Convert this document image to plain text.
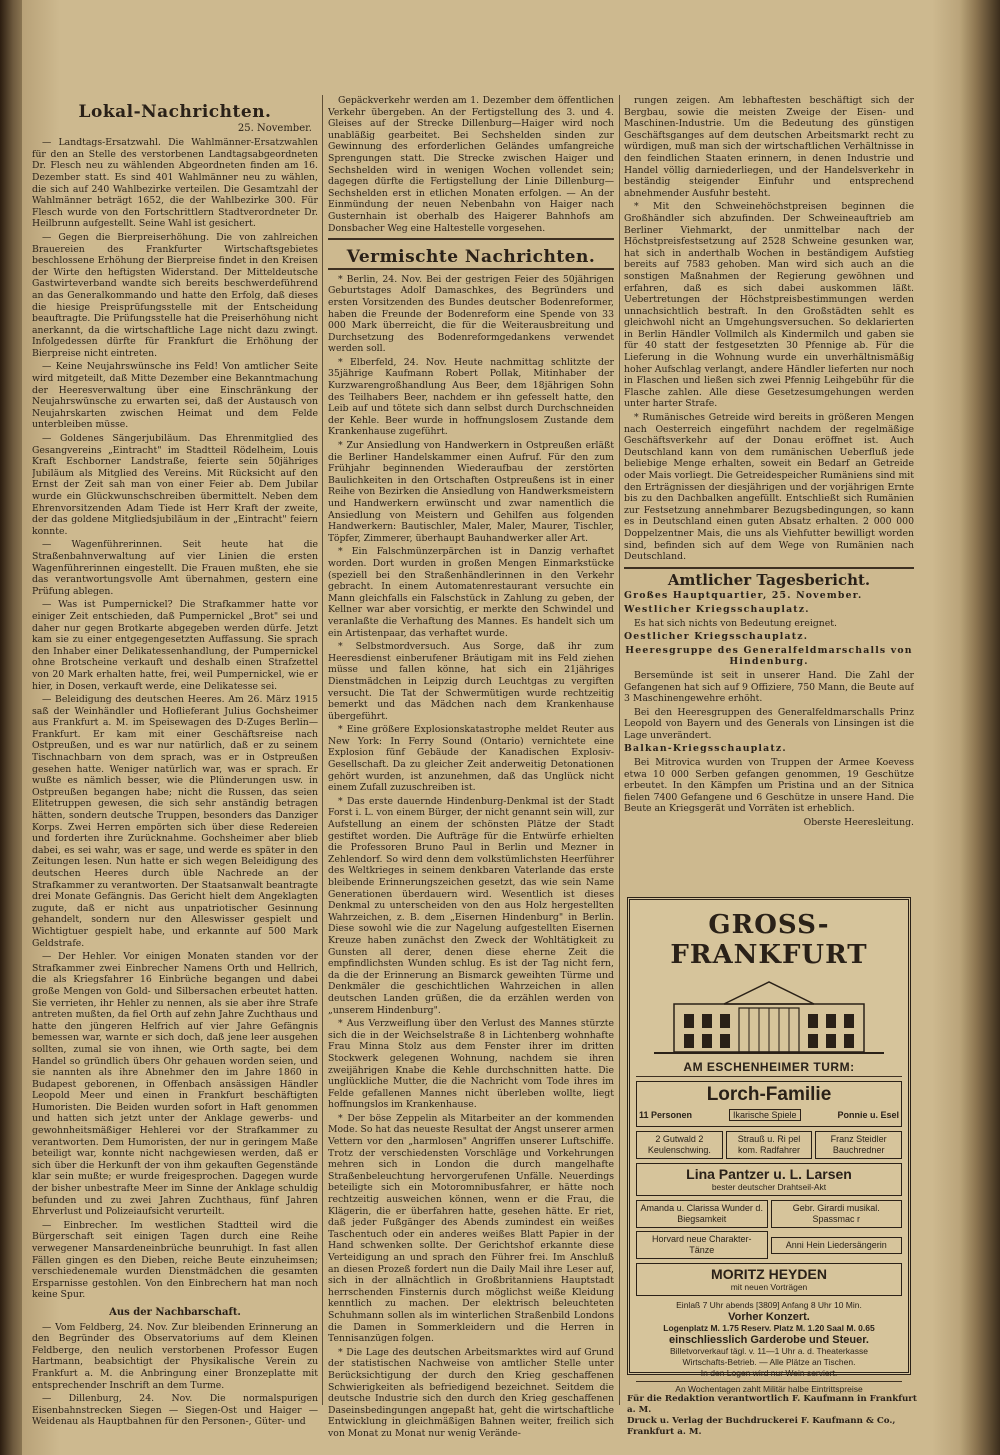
Lokal-Nachrichten.
25. November.

— Landtags-Ersatzwahl. Die Wahlmänner-Ersatzwahlen für den an Stelle des verstorbenen Landtagsabgeordneten Dr. Flesch neu zu wählenden Abgeordneten finden am 16. Dezember statt. Es sind 401 Wahlmänner neu zu wählen, die sich auf 240 Wahlbezirke verteilen. Die Gesamtzahl der Wahlmänner beträgt 1652, die der Wahlbezirke 300. Für Flesch wurde von den Fortschrittlern Stadtverordneter Dr. Heilbrunn aufgestellt. Seine Wahl ist gesichert.

— Gegen die Bierpreiserhöhung. Die von zahlreichen Brauereien des Frankfurter Wirtschaftsgebietes beschlossene Erhöhung der Bierpreise findet in den Kreisen der Wirte den heftigsten Widerstand. Der Mitteldeutsche Gastwirteverband wandte sich bereits beschwerdeführend an das Generalkommando und hatte den Erfolg, daß dieses die hiesige Preisprüfungsstelle mit der Entscheidung beauftragte. Die Prüfungsstelle hat die Preiserhöhung nicht anerkannt, da die wirtschaftliche Lage nicht dazu zwingt. Infolgedessen dürfte für Frankfurt die Erhöhung der Bierpreise nicht eintreten.

— Keine Neujahrswünsche ins Feld! Von amtlicher Seite wird mitgeteilt, daß Mitte Dezember eine Bekanntmachung der Heeresverwaltung über eine Einschränkung der Neujahrswünsche zu erwarten sei, daß der Austausch von Neujahrskarten zwischen Heimat und dem Felde unterbleiben müsse.

— Goldenes Sängerjubiläum. Das Ehrenmitglied des Gesangvereins „Eintracht" im Stadtteil Rödelheim, Louis Kraft Eschborner Landstraße, feierte sein 50jähriges Jubiläum als Mitglied des Vereins. Mit Rücksicht auf den Ernst der Zeit sah man von einer Feier ab. Dem Jubilar wurde ein Glückwunschschreiben übermittelt. Neben dem Ehrenvorsitzenden Adam Tiede ist Herr Kraft der zweite, der das goldene Mitgliedsjubiläum in der „Eintracht" feiern konnte.

— Wagenführerinnen. Seit heute hat die Straßenbahnverwaltung auf vier Linien die ersten Wagenführerinnen eingestellt. Die Frauen mußten, ehe sie das verantwortungsvolle Amt übernahmen, gestern eine Prüfung ablegen.

— Was ist Pumpernickel? Die Strafkammer hatte vor einiger Zeit entschieden, daß Pumpernickel „Brot" sei und daher nur gegen Brotkarte abgegeben werden dürfe. Jetzt kam sie zu einer entgegengesetzten Auffassung. Sie sprach den Inhaber einer Delikatessenhandlung, der Pumpernickel ohne Brotscheine verkauft und deshalb einen Strafzettel von 20 Mark erhalten hatte, frei, weil Pumpernickel, wie er hier, in Dosen, verkauft werde, eine Delikatesse sei.

— Beleidigung des deutschen Heeres. Am 26. März 1915 saß der Weinhändler und Hoflieferant Julius Gochsheimer aus Frankfurt a. M. im Speisewagen des D-Zuges Berlin—Frankfurt. Er kam mit einer Geschäftsreise nach Ostpreußen, und es war nur natürlich, daß er zu seinem Tischnachbarn von dem sprach, was er in Ostpreußen gesehen hatte. Weniger natürlich war, was er sprach. Er wußte es nämlich besser, wie die Plünderungen usw. in Ostpreußen begangen habe; nicht die Russen, das seien Elitetruppen gewesen, die sich sehr anständig betragen hätten, sondern deutsche Truppen, besonders das Danziger Korps. Zwei Herren empörten sich über diese Redereien und forderten ihre Zurücknahme. Gochsheimer aber blieb dabei, es sei wahr, was er sage, und werde es später in den Zeitungen lesen. Nun hatte er sich wegen Beleidigung des deutschen Heeres durch üble Nachrede an der Strafkammer zu verantworten. Der Staatsanwalt beantragte drei Monate Gefängnis. Das Gericht hielt dem Angeklagten zugute, daß er nicht aus unpatriotischer Gesinnung gehandelt, sondern nur den Alleswisser gespielt und Wichtigtuer gespielt habe, und erkannte auf 500 Mark Geldstrafe.

— Der Hehler. Vor einigen Monaten standen vor der Strafkammer zwei Einbrecher Namens Orth und Hellrich, die als Kriegsfahrer 16 Einbrüche begangen und dabei große Mengen von Gold- und Silbersachen erbeutet hatten. Sie verrieten, ihr Hehler zu nennen, als sie aber ihre Strafe antreten mußten, da fiel Orth auf zehn Jahre Zuchthaus und hatte den jüngeren Helfrich auf vier Jahre Gefängnis bemessen war, warnte er sich doch, daß jene leer ausgehen sollten, zumal sie von ihnen, wie Orth sagte, bei dem Handel so gründlich übers Ohr gehauen worden seien, und sie nannten als ihre Abnehmer den im Jahre 1860 in Budapest geborenen, in Offenbach ansässigen Händler Leopold Meer und einen in Frankfurt beschäftigten Humoristen. Die Beiden wurden sofort in Haft genommen und hatten sich jetzt unter der Anklage gewerbs- und gewohnheitsmäßiger Hehlerei vor der Strafkammer zu verantworten. Dem Humoristen, der nur in geringem Maße beteiligt war, konnte nicht nachgewiesen werden, daß er sich über die Herkunft der von ihm gekauften Gegenstände klar sein mußte; er wurde freigesprochen. Dagegen wurde der bisher unbestrafte Meer im Sinne der Anklage schuldig befunden und zu zwei Jahren Zuchthaus, fünf Jahren Ehrverlust und Polizeiaufsicht verurteilt.

— Einbrecher. Im westlichen Stadtteil wird die Bürgerschaft seit einigen Tagen durch eine Reihe verwegener Mansardeneinbrüche beunruhigt. In fast allen Fällen gingen es den Dieben, reiche Beute einzuheimsen; verschiedenemale wurden Dienstmädchen die gesamten Ersparnisse gestohlen. Von den Einbrechern hat man noch keine Spur.

Aus der Nachbarschaft.

— Vom Feldberg, 24. Nov. Zur bleibenden Erinnerung an den Begründer des Observatoriums auf dem Kleinen Feldberge, den neulich verstorbenen Professor Eugen Hartmann, beabsichtigt der Physikalische Verein zu Frankfurt a. M. die Anbringung einer Bronzeplatte mit entsprechender Inschrift an dem Turme.

— Dillenburg, 24. Nov. Die normalspurigen Eisenbahnstrecken Siegen — Siegen-Ost und Haiger — Weidenau als Hauptbahnen für den Personen-, Güter- und

Gepäckverkehr werden am 1. Dezember dem öffentlichen Verkehr übergeben. An der Fertigstellung des 3. und 4. Gleises auf der Strecke Dillenburg—Haiger wird noch unabläßig gearbeitet. Bei Sechshelden sinden zur Gewinnung des erforderlichen Geländes umfangreiche Sprengungen statt. Die Strecke zwischen Haiger und Sechshelden wird in wenigen Wochen vollendet sein; dagegen dürfte die Fertigstellung der Linie Dillenburg—Sechshelden erst in etlichen Monaten erfolgen. — An der Einmündung der neuen Nebenbahn von Haiger nach Gusternhain ist oberhalb des Haigerer Bahnhofs am Donsbacher Weg eine Haltestelle vorgesehen.

Vermischte Nachrichten.

* Berlin, 24. Nov. Bei der gestrigen Feier des 50jährigen Geburtstages Adolf Damaschkes, des Begründers und ersten Vorsitzenden des Bundes deutscher Bodenreformer, haben die Freunde der Bodenreform eine Spende von 33 000 Mark überreicht, die für die Weiterausbreitung und Durchsetzung des Bodenreformgedankens verwendet werden soll.

* Elberfeld, 24. Nov. Heute nachmittag schlitzte der 35jährige Kaufmann Robert Pollak, Mitinhaber der Kurzwarengroßhandlung Aus Beer, dem 18jährigen Sohn des Teilhabers Beer, nachdem er ihn gefesselt hatte, den Leib auf und tötete sich dann selbst durch Durchschneiden der Kehle. Beer wurde in hoffnungslosem Zustande dem Krankenhause zugeführt.

* Zur Ansiedlung von Handwerkern in Ostpreußen erläßt die Berliner Handelskammer einen Aufruf. Für den zum Frühjahr beginnenden Wiederaufbau der zerstörten Baulichkeiten in den Ortschaften Ostpreußens ist in einer Reihe von Bezirken die Ansiedlung von Handwerksmeistern und Handwerkern erwünscht und zwar namentlich die Ansiedlung von Meistern und Gehilfen aus folgenden Handwerkern: Bautischler, Maler, Maler, Maurer, Tischler, Töpfer, Zimmerer, überhaupt Bauhandwerker aller Art.

* Ein Falschmünzerpärchen ist in Danzig verhaftet worden. Dort wurden in großen Mengen Einmarkstücke (speziell bei den Straßenhändlerinnen in den Verkehr gebracht. In einem Automatenrestaurant versuchte ein Mann gleichfalls ein Falschstück in Zahlung zu geben, der Kellner war aber vorsichtig, er merkte den Schwindel und veranlaßte die Verhaftung des Mannes. Es handelt sich um ein Artistenpaar, das verhaftet wurde.

* Selbstmordversuch. Aus Sorge, daß ihr zum Heeresdienst einberufener Bräutigam mit ins Feld ziehen müsse und fallen könne, hat sich ein 21jähriges Dienstmädchen in Leipzig durch Leuchtgas zu vergiften versucht. Die Tat der Schwermütigen wurde rechtzeitig bemerkt und das Mädchen nach dem Krankenhause übergeführt.

* Eine größere Explosionskatastrophe meldet Reuter aus New York: In Ferry Sound (Ontario) vernichtete eine Explosion fünf Gebäude der Kanadischen Explosiv-Gesellschaft. Da zu gleicher Zeit anderweitig Detonationen gehört wurden, ist anzunehmen, daß das Unglück nicht einem Zufall zuzuschreiben ist.

* Das erste dauernde Hindenburg-Denkmal ist der Stadt Forst i. L. von einem Bürger, der nicht genannt sein will, zur Aufstellung an einem der schönsten Plätze der Stadt gestiftet worden. Die Aufträge für die Entwürfe erhielten die Professoren Bruno Paul in Berlin und Mezner in Zehlendorf. So wird denn dem volkstümlichsten Heerführer des Weltkrieges in seinem denkbaren Vaterlande das erste bleibende Erinnerungszeichen gesetzt, das wie sein Name Generationen überdauern wird. Wesentlich ist dieses Denkmal zu unterscheiden von den aus Holz hergestellten Wahrzeichen, z. B. dem „Eisernen Hindenburg" in Berlin. Diese sowohl wie die zur Nagelung aufgestellten Eisernen Kreuze haben zunächst den Zweck der Wohltätigkeit zu Gunsten all derer, denen diese eherne Zeit die empfindlichsten Wunden schlug. Es ist der Tag nicht fern, da die der Erinnerung an Bismarck geweihten Türme und Denkmäler die geschichtlichen Wahrzeichen in allen deutschen Landen grüßen, die da erzählen werden von „unserem Hindenburg".

* Aus Verzweiflung über den Verlust des Mannes stürzte sich die in der Weichselstraße 8 in Lichtenberg wohnhafte Frau Minna Stolz aus dem Fenster ihrer im dritten Stockwerk gelegenen Wohnung, nachdem sie ihren zweijährigen Knabe die Kehle durchschnitten hatte. Die unglückliche Mutter, die die Nachricht vom Tode ihres im Felde gefallenen Mannes nicht überleben wollte, liegt hoffnungslos im Krankenhause.

* Der böse Zeppelin als Mitarbeiter an der kommenden Mode. So hat das neueste Resultat der Angst unserer armen Vettern vor den „harmlosen" Angriffen unserer Luftschiffe. Trotz der verschiedensten Vorschläge und Vorkehrungen mehren sich in London die durch mangelhafte Straßenbeleuchtung hervorgerufenen Unfälle. Neuerdings beteiligte sich ein Motoromnibusfahrer, er hätte noch rechtzeitig ausweichen können, wenn er die Frau, die Klägerin, die er überfahren hatte, gesehen hätte. Er riet, daß jeder Fußgänger des Abends zumindest ein weißes Taschentuch oder ein anderes weißes Blatt Papier in der Hand schwenken sollte. Der Gerichtshof erkannte diese Verteidigung an und sprach den Führer frei. Im Anschluß an diesen Prozeß fordert nun die Daily Mail ihre Leser auf, sich in der allnächtlich in Großbritanniens Hauptstadt herrschenden Finsternis durch möglichst weiße Kleidung kenntlich zu machen. Der elektrisch beleuchteten Schuhmann sollen als im winterlichen Straßenbild Londons die Damen in Sommerkleidern und die Herren in Tennisanzügen folgen.

* Die Lage des deutschen Arbeitsmarktes wird auf Grund der statistischen Nachweise von amtlicher Stelle unter Berücksichtigung der durch den Krieg geschaffenen Schwierigkeiten als befriedigend bezeichnet. Seitdem die deutsche Industrie sich den durch den Krieg geschaffenen Daseinsbedingungen angepaßt hat, geht die wirtschaftliche Entwicklung in gleichmäßigen Bahnen weiter, freilich sich von Monat zu Monat nur wenig Verände-

rungen zeigen. Am lebhaftesten beschäftigt sich der Bergbau, sowie die meisten Zweige der Eisen- und Maschinen-Industrie. Um die Bedeutung des günstigen Geschäftsganges auf dem deutschen Arbeitsmarkt recht zu würdigen, muß man sich der wirtschaftlichen Verhältnisse in den feindlichen Staaten erinnern, in denen Industrie und Handel völlig darniederliegen, und der Handelsverkehr in beständig steigender Einfuhr und entsprechend abnehmender Ausfuhr besteht.

* Mit den Schweinehöchstpreisen beginnen die Großhändler sich abzufinden. Der Schweineauftrieb am Berliner Viehmarkt, der unmittelbar nach der Höchstpreisfestsetzung auf 2528 Schweine gesunken war, hat sich in anderthalb Wochen in beständigem Aufstieg bereits auf 7583 gehoben. Man wird sich auch an die sonstigen Maßnahmen der Regierung gewöhnen und erfahren, daß es sich dabei auskommen läßt. Uebertretungen der Höchstpreisbestimmungen werden unnachsichtlich bestraft. In den Großstädten sehlt es gleichwohl nicht an Umgehungsversuchen. So deklarierten in Berlin Händler Vollmilch als Kindermilch und gaben sie für 40 statt der festgesetzten 30 Pfennige ab. Für die Lieferung in die Wohnung wurde ein unverhältnismäßig hoher Aufschlag verlangt, andere Händler lieferten nur noch in Flaschen und ließen sich zwei Pfennig Leihgebühr für die Flasche zahlen. Alle diese Gesetzesumgehungen werden unter harter Strafe.

* Rumänisches Getreide wird bereits in größeren Mengen nach Oesterreich eingeführt nachdem der regelmäßige Geschäftsverkehr auf der Donau eröffnet ist. Auch Deutschland kann von dem rumänischen Ueberfluß jede beliebige Menge erhalten, soweit ein Bedarf an Getreide oder Mais vorliegt. Die Getreidespeicher Rumäniens sind mit den Erträgnissen der diesjährigen und der vorjährigen Ernte bis zu den Dachbalken angefüllt. Entschließt sich Rumänien zur Festsetzung annehmbarer Bezugsbedingungen, so kann es in Deutschland einen guten Absatz erhalten. 2 000 000 Doppelzentner Mais, die uns als Viehfutter bewilligt worden sind, befinden sich auf dem Wege von Rumänien nach Deutschland.

Amtlicher Tagesbericht.

Großes Hauptquartier, 25. November.

Westlicher Kriegsschauplatz.

Es hat sich nichts von Bedeutung ereignet.

Oestlicher Kriegsschauplatz.

Heeresgruppe des Generalfeldmarschalls von Hindenburg.

Bersemünde ist seit in unserer Hand. Die Zahl der Gefangenen hat sich auf 9 Offiziere, 750 Mann, die Beute auf 3 Maschinengewehre erhöht.

Bei den Heeresgruppen des Generalfeldmarschalls Prinz Leopold von Bayern und des Generals von Linsingen ist die Lage unverändert.

Balkan-Kriegsschauplatz.

Bei Mitrovica wurden von Truppen der Armee Koevess etwa 10 000 Serben gefangen genommen, 19 Geschütze erbeutet. In den Kämpfen um Pristina und an der Sitnica fielen 7400 Gefangene und 6 Geschütze in unsere Hand. Die Beute an Kriegsgerät und Vorräten ist erheblich.

Oberste Heeresleitung.

GROSS-FRANKFURT
AM ESCHENHEIMER TURM:
Lorch-Familie
11 Personen	Ikarische Spiele	Ponnie u. Esel
2 Gutwald 2 Keulenschwing.
Strauß u. Ri pel kom. Radfahrer
Franz Steidler Bauchredner
Lina Pantzer u. L. Larsen
bester deutscher Drahtseil-Akt
Amanda u. Clarissa Wunder d. Biegsamkeit
Gebr. Girardi musikal. Spassmac r
Horvard neue Charakter-Tänze
Anni Hein Liedersängerin
MORITZ HEYDEN
mit neuen Vorträgen
Einlaß 7 Uhr abends [3809] Anfang 8 Uhr 10 Min.
Vorher Konzert.
Logenplatz M. 1.75 Reserv. Platz M. 1.20 Saal M. 0.65
einschliesslich Garderobe und Steuer.
Billetvorverkauf tägl. v. 11—1 Uhr a. d. Theaterkasse
Wirtschafts-Betrieb. — Alle Plätze an Tischen.
In den Logen wird nur Wein serviert.
An Wochentagen zahlt Militär halbe Eintrittspreise
Für die Redaktion verantwortlich F. Kaufmann in Frankfurt a. M.
Druck u. Verlag der Buchdruckerei F. Kaufmann & Co., Frankfurt a. M.
